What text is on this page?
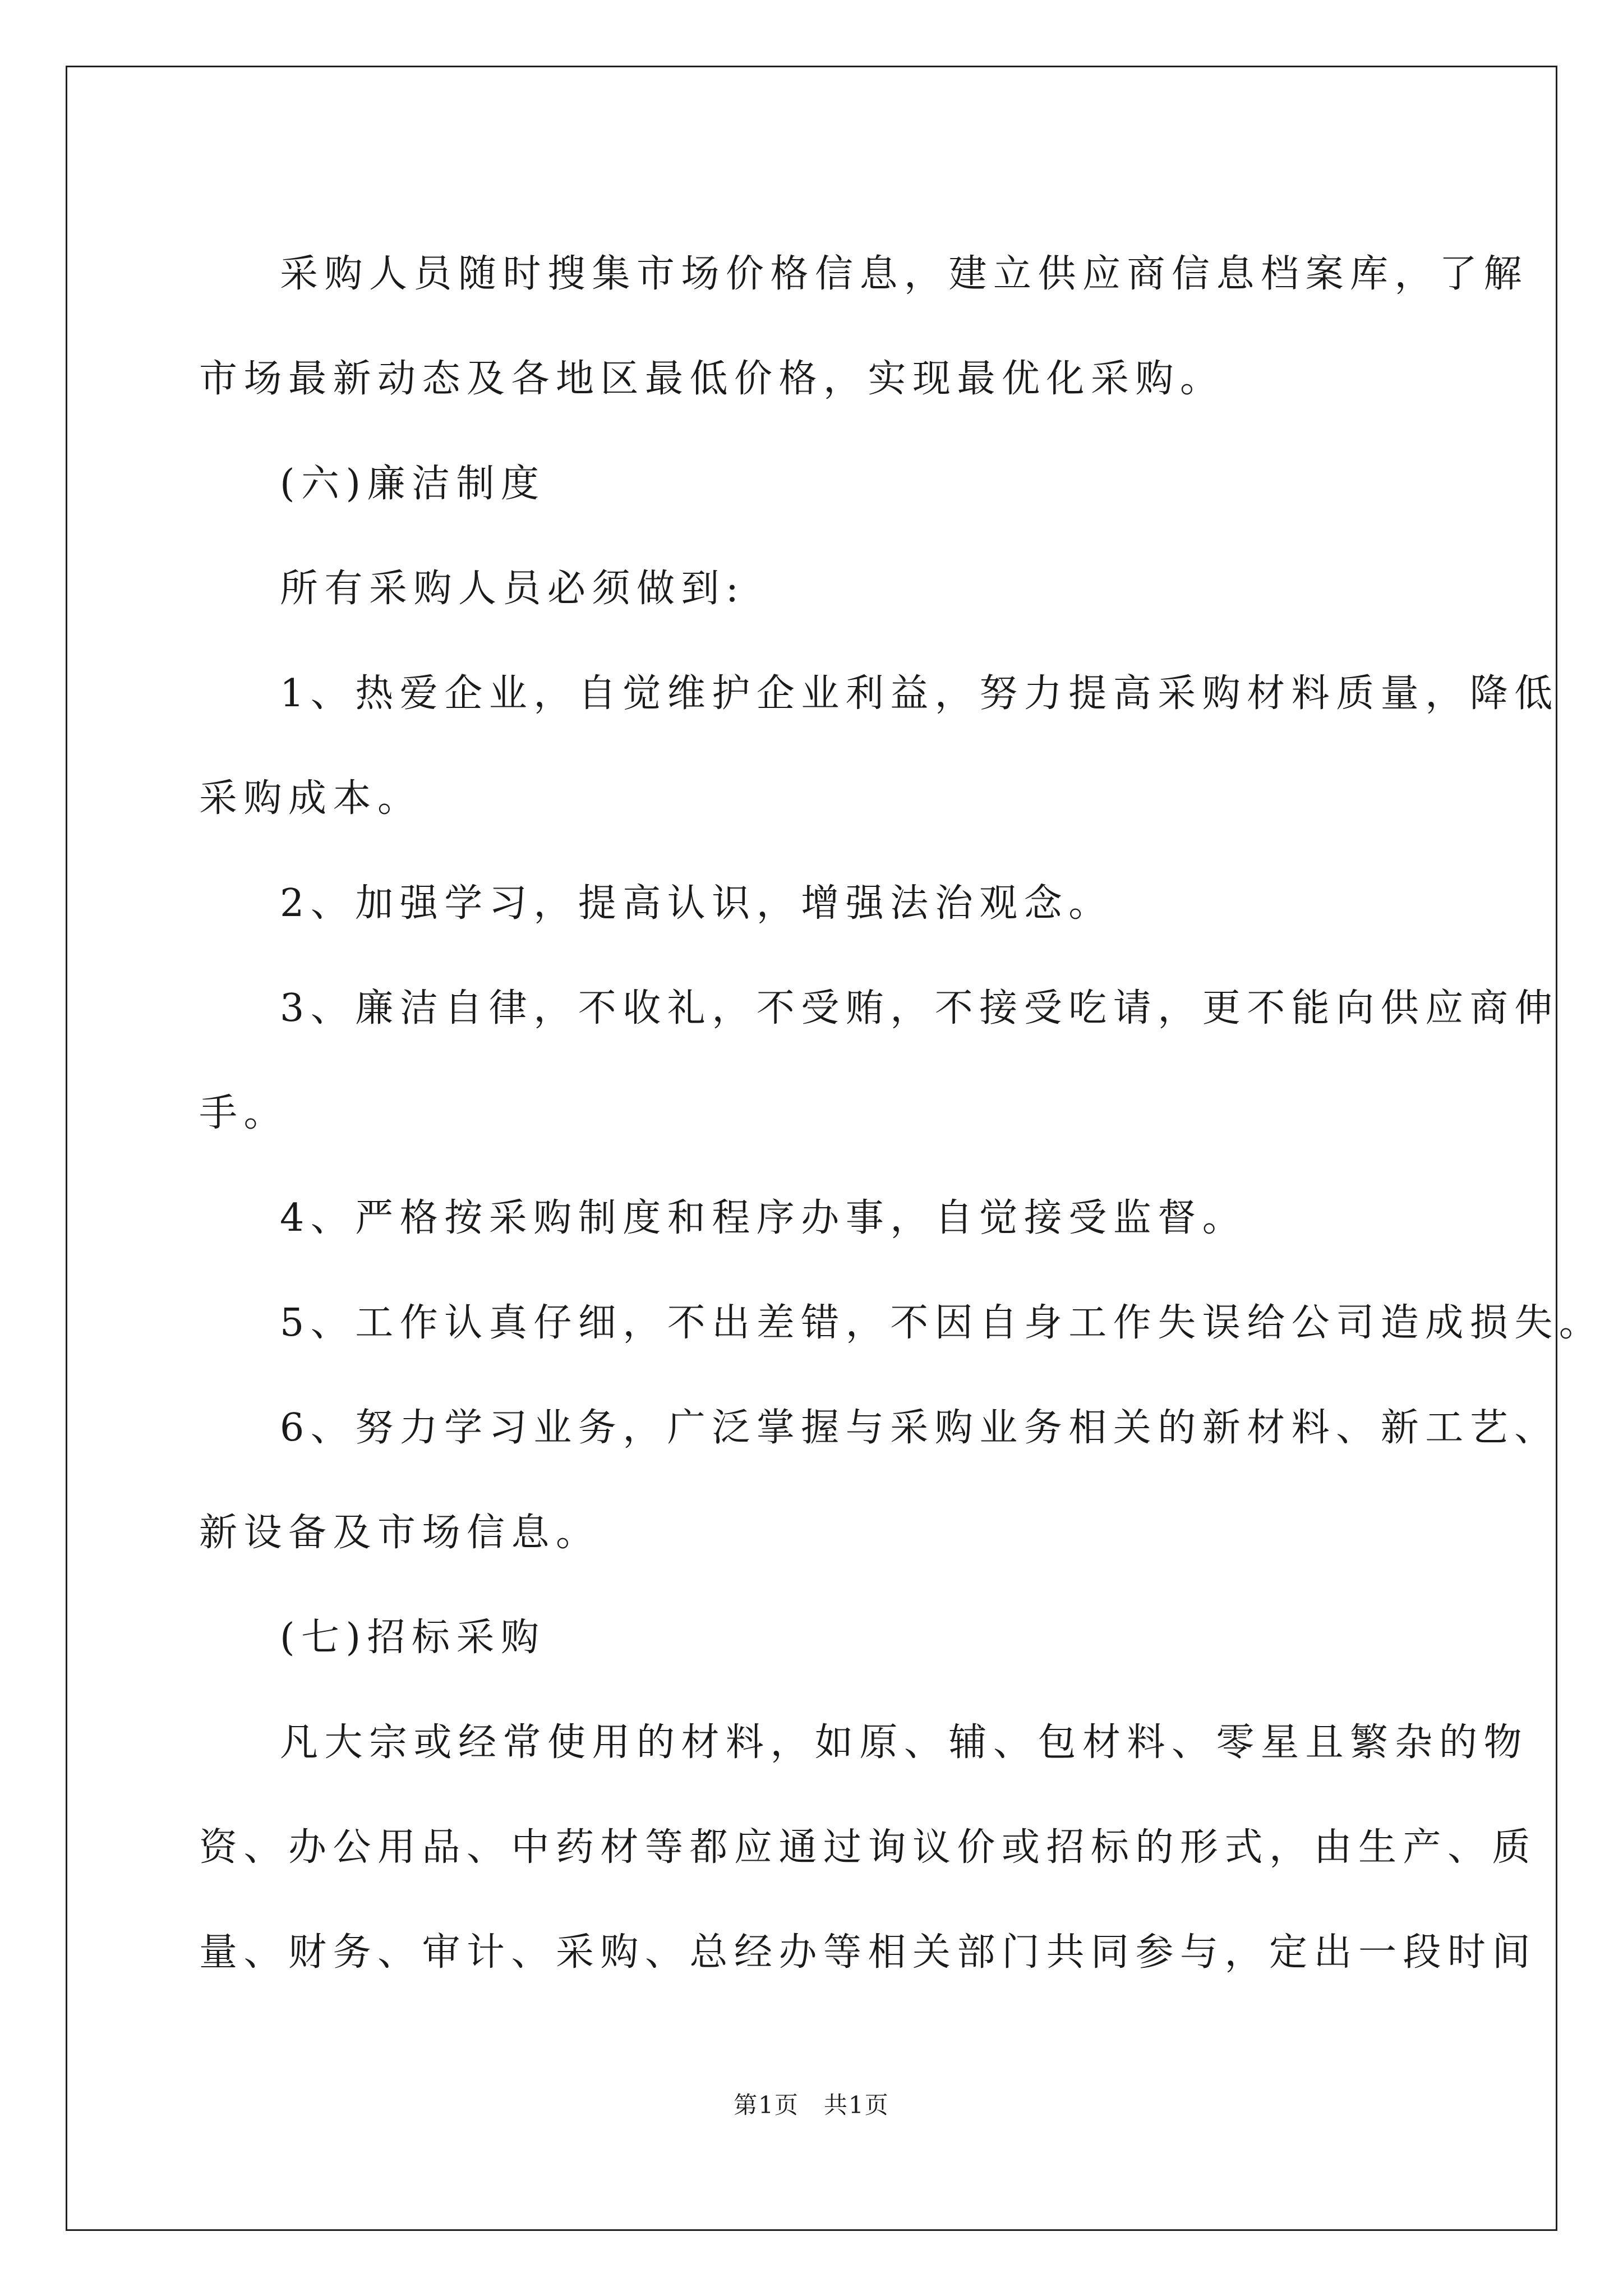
采购人员随时搜集市场价格信息，建立供应商信息档案库，了解
市场最新动态及各地区最低价格，实现最优化采购。

(六)廉洁制度

所有采购人员必须做到:

1、热爱企业，自觉维护企业利益，努力提高采购材料质量，降低
采购成本。

2、加强学习，提高认识，增强法治观念。

3、廉洁自律，不收礼，不受贿，不接受吃请，更不能向供应商伸
手。

4、严格按采购制度和程序办事，自觉接受监督。

5、工作认真仔细，不出差错，不因自身工作失误给公司造成损失。

6、努力学习业务，广泛掌握与采购业务相关的新材料、新工艺、
新设备及市场信息。

(七)招标采购

凡大宗或经常使用的材料，如原、辅、包材料、零星且繁杂的物
资、办公用品、中药材等都应通过询议价或招标的形式，由生产、质
量、财务、审计、采购、总经办等相关部门共同参与，定出一段时间

第1页　共1页
